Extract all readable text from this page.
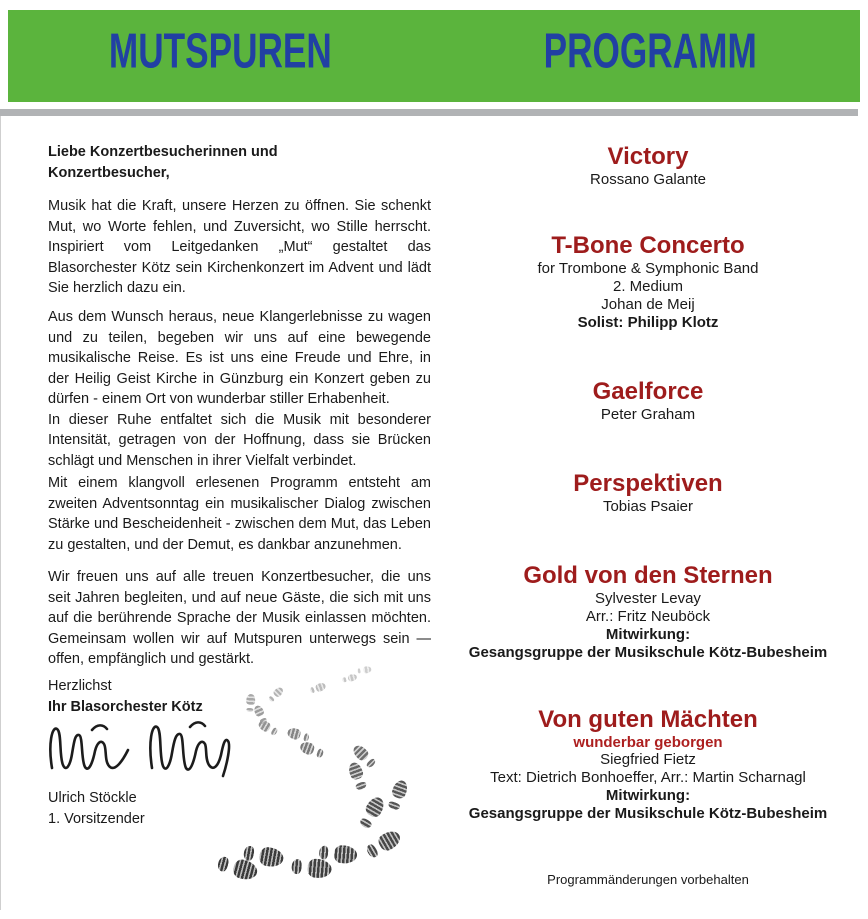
MUTSPUREN	PROGRAMM
Liebe Konzertbesucherinnen und
Konzertbesucher,

Musik hat die Kraft, unsere Herzen zu öffnen. Sie schenkt Mut, wo Worte fehlen, und Zuversicht, wo Stille herrscht. Inspiriert vom Leitgedanken „Mut“ gestaltet das Blasorchester Kötz sein Kirchenkonzert im Advent und lädt Sie herzlich dazu ein.

Aus dem Wunsch heraus, neue Klangerlebnisse zu wagen und zu teilen, begeben wir uns auf eine bewegende musikalische Reise. Es ist uns eine Freude und Ehre, in der Heilig Geist Kirche in Günzburg ein Konzert geben zu dürfen - einem Ort von wunderbar stiller Erhabenheit.

In dieser Ruhe entfaltet sich die Musik mit besonderer Intensität, getragen von der Hoffnung, dass sie Brücken schlägt und Menschen in ihrer Vielfalt verbindet.

Mit einem klangvoll erlesenen Programm entsteht am zweiten Adventsonntag ein musikalischer Dialog zwischen Stärke und Bescheidenheit - zwischen dem Mut, das Leben zu gestalten, und der Demut, es dankbar anzunehmen.

Wir freuen uns auf alle treuen Konzertbesucher, die uns seit Jahren begleiten, und auf neue Gäste, die sich mit uns auf die berührende Sprache der Musik einlassen möchten. Gemeinsam wollen wir auf Mutspuren unterwegs sein — offen, empfänglich und gestärkt.

Herzlichst
Ihr Blasorchester Kötz
Ulrich Stöckle
1. Vorsitzender
Victory
Rossano Galante
T-Bone Concerto
for Trombone & Symphonic Band
2. Medium
Johan de Meij
Solist: Philipp Klotz
Gaelforce
Peter Graham
Perspektiven
Tobias Psaier
Gold von den Sternen
Sylvester Levay
Arr.: Fritz Neuböck
Mitwirkung:
Gesangsgruppe der Musikschule Kötz-Bubesheim
Von guten Mächten
wunderbar geborgen
Siegfried Fietz
Text: Dietrich Bonhoeffer, Arr.: Martin Scharnagl
Mitwirkung:
Gesangsgruppe der Musikschule Kötz-Bubesheim
Programmänderungen vorbehalten
